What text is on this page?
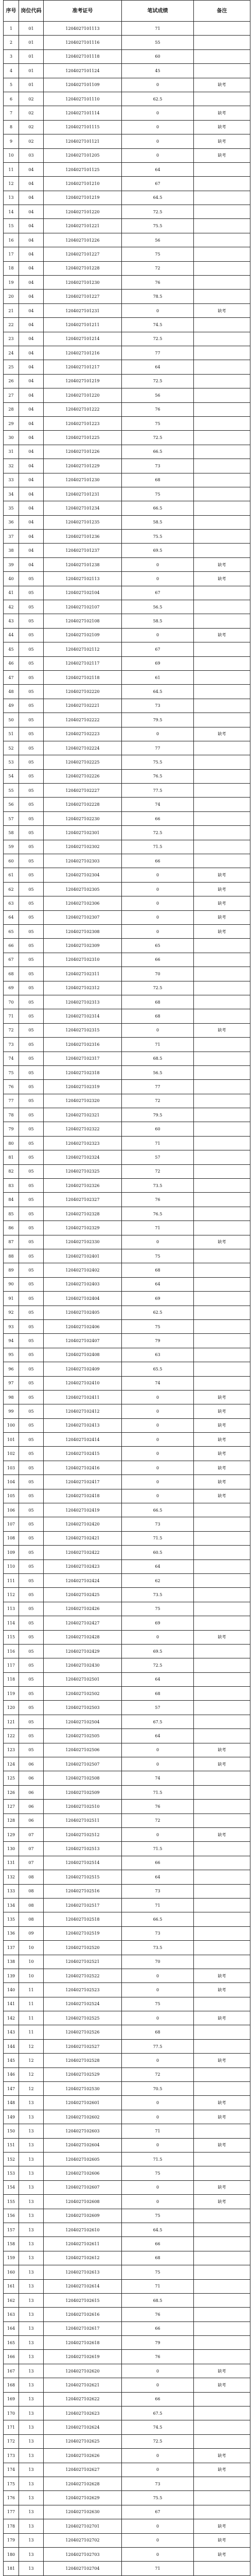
序号	岗位代码	准考证号	笔试成绩	备注
1	01	1204027101113	71	
2	01	1204027101116	55	
3	01	1204027101118	60	
4	01	1204027101124	45	
5	01	1204027101109	0	缺考
6	02	1204027101110	62.5	
7	02	1204027101114	0	缺考
8	02	1204027101115	0	缺考
9	02	1204027101121	0	缺考
10	03	1204027101205	0	缺考
11	04	1204027101125	64	
12	04	1204027101210	67	
13	04	1204027101219	64.5	
14	04	1204027101220	72.5	
15	04	1204027101221	75.5	
16	04	1204027101226	56	
17	04	1204027101227	75	
18	04	1204027101228	72	
19	04	1204027101230	76	
20	04	1204027101227	78.5	
21	04	1204027101231	0	缺考
22	04	1204027101211	74.5	
23	04	1204027101214	72.5	
24	04	1204027101216	77	
25	04	1204027101217	64	
26	04	1204027101219	72.5	
27	04	1204027101220	56	
28	04	1204027101222	76	
29	04	1204027101223	75	
30	04	1204027101225	72.5	
31	04	1204027101226	66.5	
32	04	1204027101229	73	
33	04	1204027101230	68	
34	04	1204027101231	75	
35	04	1204027101234	66.5	
36	04	1204027101235	58.5	
37	04	1204027101236	75.5	
38	04	1204027101237	69.5	
39	04	1204027101238	0	缺考
40	05	1204027102113	0	缺考
41	05	1204027102104	67	
42	05	1204027102107	56.5	
43	05	1204027102108	58.5	
44	05	1204027102109	0	缺考
45	05	1204027102112	67	
46	05	1204027102117	69	
47	05	1204027102118	61	
48	05	1204027102220	64.5	
49	05	1204027102221	73	
50	05	1204027102222	79.5	
51	05	1204027102223	0	缺考
52	05	1204027102224	77	
53	05	1204027102225	75.5	
54	05	1204027102226	76.5	
55	05	1204027102227	77.5	
56	05	1204027102228	74	
57	05	1204027102230	66	
58	05	1204027102301	72.5	
59	05	1204027102302	71.5	
60	05	1204027102303	66	
61	05	1204027102304	0	缺考
62	05	1204027102305	0	缺考
63	05	1204027102306	0	缺考
64	05	1204027102307	0	缺考
65	05	1204027102308	0	缺考
66	05	1204027102309	65	
67	05	1204027102310	66	
68	05	1204027102311	70	
69	05	1204027102312	72.5	
70	05	1204027102313	68	
71	05	1204027102314	68	
72	05	1204027102315	0	缺考
73	05	1204027102316	71	
74	05	1204027102317	68.5	
75	05	1204027102318	56.5	
76	05	1204027102319	77	
77	05	1204027102320	72	
78	05	1204027102321	79.5	
79	05	1204027102322	60	
80	05	1204027102323	71	
81	05	1204027102324	57	
82	05	1204027102325	72	
83	05	1204027102326	73.5	
84	05	1204027102327	76	
85	05	1204027102328	76.5	
86	05	1204027102329	71	
87	05	1204027102330	0	缺考
88	05	1204027102401	75	
89	05	1204027102402	68	
90	05	1204027102403	64	
91	05	1204027102404	69	
92	05	1204027102405	62.5	
93	05	1204027102406	75	
94	05	1204027102407	79	
95	05	1204027102408	63	
96	05	1204027102409	65.5	
97	05	1204027102410	74	
98	05	1204027102411	0	缺考
99	05	1204027102412	0	缺考
100	05	1204027102413	0	缺考
101	05	1204027102414	0	缺考
102	05	1204027102415	0	缺考
103	05	1204027102416	0	缺考
104	05	1204027102417	0	缺考
105	05	1204027102418	0	缺考
106	05	1204027102419	66.5	
107	05	1204027102420	73	
108	05	1204027102421	71.5	
109	05	1204027102422	60.5	
110	05	1204027102423	64	
111	05	1204027102424	62	
112	05	1204027102425	73.5	
113	05	1204027102426	75	
114	05	1204027102427	69	
115	05	1204027102428	0	缺考
116	05	1204027102429	69.5	
117	05	1204027102430	72.5	
118	05	1204027102501	64	
119	05	1204027102502	68	
120	05	1204027102503	57	
121	05	1204027102504	67.5	
122	05	1204027102505	64	
123	05	1204027102506	0	缺考
124	06	1204027102507	0	缺考
125	06	1204027102508	74	
126	06	1204027102509	71.5	
127	06	1204027102510	76	
128	06	1204027102511	72	
129	07	1204027102512	0	缺考
130	07	1204027102513	71.5	
131	07	1204027102514	66	
132	08	1204027102515	64	
133	08	1204027102516	73	
134	08	1204027102517	71	
135	08	1204027102518	66.5	
136	09	1204027102519	73	
137	10	1204027102520	73.5	
138	10	1204027102521	70	
139	10	1204027102522	0	缺考
140	11	1204027102523	0	缺考
141	11	1204027102524	75	
142	11	1204027102525	0	缺考
143	11	1204027102526	68	
144	12	1204027102527	77.5	
145	12	1204027102528	0	缺考
146	12	1204027102529	72	
147	12	1204027102530	70.5	
148	13	1204027102601	0	缺考
149	13	1204027102602	0	缺考
150	13	1204027102603	71	
151	13	1204027102604	0	缺考
152	13	1204027102605	71.5	
153	13	1204027102606	75	
154	13	1204027102607	0	缺考
155	13	1204027102608	0	缺考
156	13	1204027102609	75	
157	13	1204027102610	64.5	
158	13	1204027102611	66	
159	13	1204027102612	68	
160	13	1204027102613	75	
161	13	1204027102614	71	
162	13	1204027102615	68.5	
163	13	1204027102616	76	
164	13	1204027102617	66	
165	13	1204027102618	79	
166	13	1204027102619	76	
167	13	1204027102620	0	缺考
168	13	1204027102621	0	缺考
169	13	1204027102622	66	
170	13	1204027102623	67.5	
171	13	1204027102624	74.5	
172	13	1204027102625	72.5	
173	13	1204027102626	0	缺考
174	13	1204027102627	0	缺考
175	13	1204027102628	73	
176	13	1204027102629	75.5	
177	13	1204027102630	67	
178	13	1204027102701	0	缺考
179	13	1204027102702	0	缺考
180	13	1204027102703	0	缺考
181	13	1204027102704	71	
